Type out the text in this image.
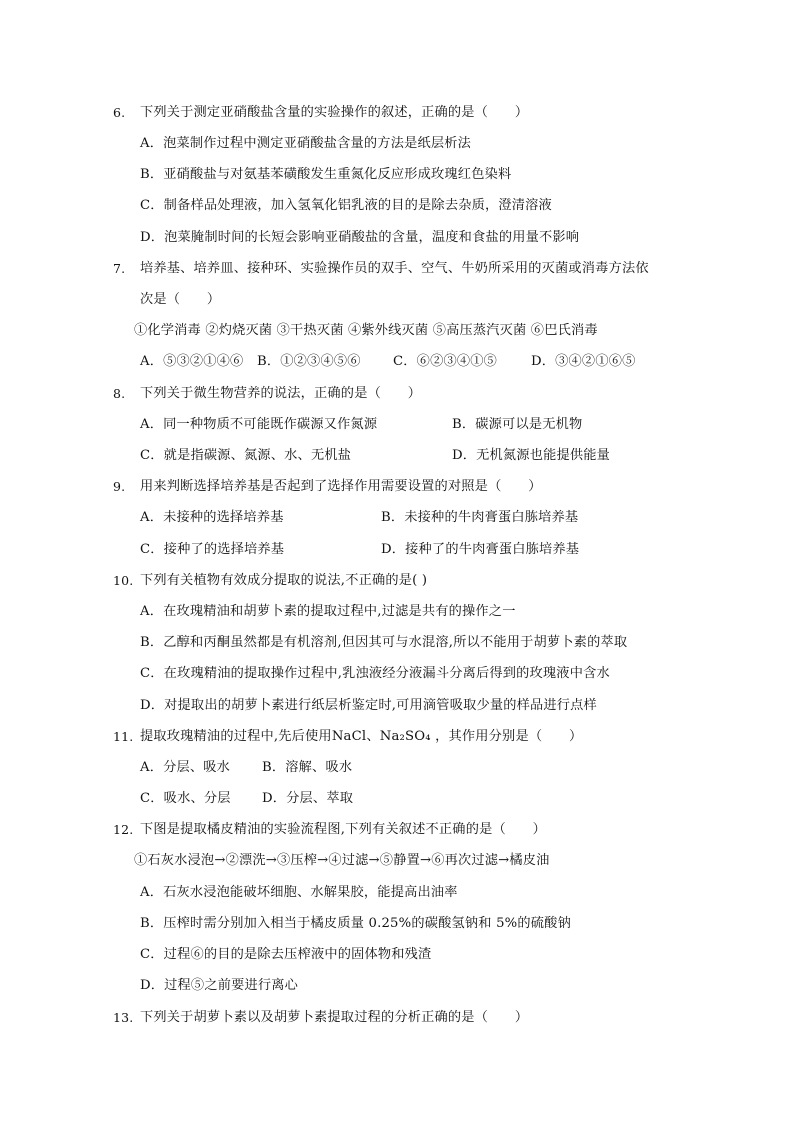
6. 下列关于测定亚硝酸盐含量的实验操作的叙述，正确的是（　　）
A．泡菜制作过程中测定亚硝酸盐含量的方法是纸层析法
B．亚硝酸盐与对氨基苯磺酸发生重氮化反应形成玫瑰红色染料
C．制备样品处理液，加入氢氧化铝乳液的目的是除去杂质，澄清溶液
D．泡菜腌制时间的长短会影响亚硝酸盐的含量，温度和食盐的用量不影响
7. 培养基、培养皿、接种环、实验操作员的双手、空气、牛奶所采用的灭菌或消毒方法依
次是（　　）
①化学消毒 ②灼烧灭菌 ③干热灭菌 ④紫外线灭菌 ⑤高压蒸汽灭菌 ⑥巴氏消毒
A．⑤③②①④⑥ B．①②③④⑤⑥ C．⑥②③④①⑤	D．③④②①⑥⑤
8. 下列关于微生物营养的说法，正确的是（　　）
A．同一种物质不可能既作碳源又作氮源	B．碳源可以是无机物
C．就是指碳源、氮源、水、无机盐	D．无机氮源也能提供能量
9. 用来判断选择培养基是否起到了选择作用需要设置的对照是（　　）
A．未接种的选择培养基	B．未接种的牛肉膏蛋白胨培养基
C．接种了的选择培养基	D．接种了的牛肉膏蛋白胨培养基
10. 下列有关植物有效成分提取的说法,不正确的是( )
A．在玫瑰精油和胡萝卜素的提取过程中,过滤是共有的操作之一
B．乙醇和丙酮虽然都是有机溶剂,但因其可与水混溶,所以不能用于胡萝卜素的萃取
C．在玫瑰精油的提取操作过程中,乳浊液经分液漏斗分离后得到的玫瑰液中含水
D．对提取出的胡萝卜素进行纸层析鉴定时,可用滴管吸取少量的样品进行点样
11. 提取玫瑰精油的过程中,先后使用NaCl、Na₂SO₄ ，其作用分别是（　　）
A．分层、吸水 B．溶解、吸水
C．吸水、分层 D．分层、萃取
12. 下图是提取橘皮精油的实验流程图,下列有关叙述不正确的是（　　）
①石灰水浸泡→②漂洗→③压榨→④过滤→⑤静置→⑥再次过滤→橘皮油
A．石灰水浸泡能破坏细胞、水解果胶，能提高出油率
B．压榨时需分别加入相当于橘皮质量 0.25%的碳酸氢钠和 5%的硫酸钠
C．过程⑥的目的是除去压榨液中的固体物和残渣
D．过程⑤之前要进行离心
13. 下列关于胡萝卜素以及胡萝卜素提取过程的分析正确的是（　　）
